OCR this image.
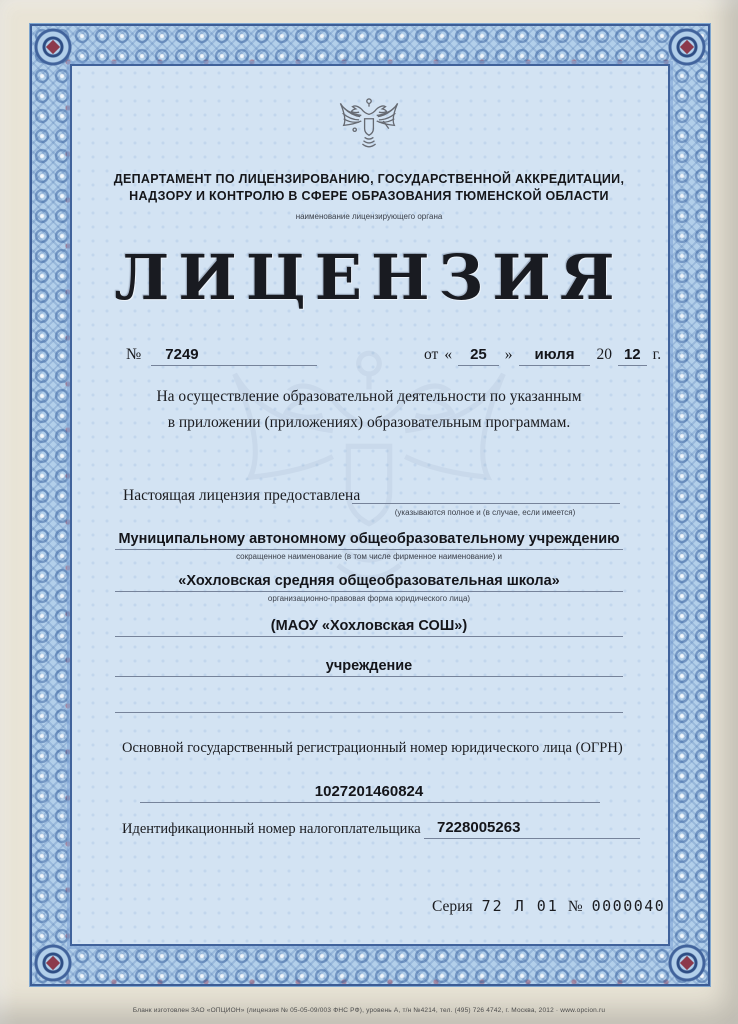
ДЕПАРТАМЕНТ ПО ЛИЦЕНЗИРОВАНИЮ, ГОСУДАРСТВЕННОЙ АККРЕДИТАЦИИ,
НАДЗОРУ И КОНТРОЛЮ В СФЕРЕ ОБРАЗОВАНИЯ ТЮМЕНСКОЙ ОБЛАСТИ
наименование лицензирующего органа
ЛИЦЕНЗИЯ
№	7249	от «	25	»	июля	20 12 г.
На осуществление образовательной деятельности по указанным
в приложении (приложениях) образовательным программам.
Настоящая лицензия предоставлена
(указываются полное и (в случае, если имеется)
Муниципальному автономному общеобразовательному учреждению
сокращенное наименование (в том числе фирменное наименование) и
«Хохловская средняя общеобразовательная школа»
организационно-правовая форма юридического лица)
(МАОУ «Хохловская СОШ»)
учреждение
Основной государственный регистрационный номер юридического лица (ОГРН)
1027201460824
Идентификационный номер налогоплательщика 7228005263
Серия 72 Л 01 № 0000040
Бланк изготовлен ЗАО «ОПЦИОН» (лицензия № 05-05-09/003 ФНС РФ), уровень А, т/н №4214, тел. (495) 726 4742, г. Москва, 2012 · www.opcion.ru
